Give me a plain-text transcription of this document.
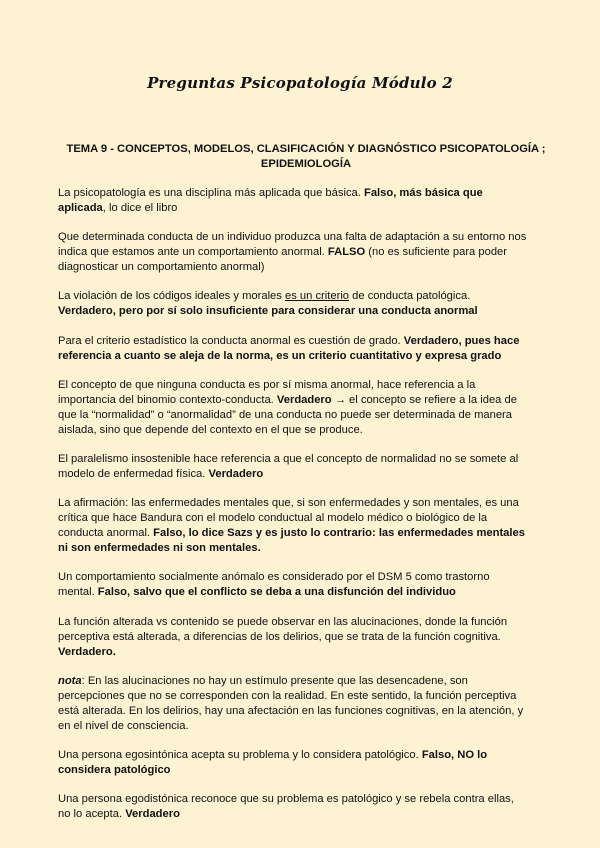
Preguntas Psicopatología Módulo 2
TEMA 9 - CONCEPTOS, MODELOS, CLASIFICACIÓN Y DIAGNÓSTICO PSICOPATOLOGÍA ; EPIDEMIOLOGÍA

La psicopatología es una disciplina más aplicada que básica. Falso, más básica que aplicada, lo dice el libro

Que determinada conducta de un individuo produzca una falta de adaptación a su entorno nos indica que estamos ante un comportamiento anormal. FALSO (no es suficiente para poder diagnosticar un comportamiento anormal)

La violación de los códigos ideales y morales es un criterio de conducta patológica. Verdadero, pero por sí solo insuficiente para considerar una conducta anormal

Para el criterio estadístico la conducta anormal es cuestión de grado. Verdadero, pues hace referencia a cuanto se aleja de la norma, es un criterio cuantitativo y expresa grado

El concepto de que ninguna conducta es por sí misma anormal, hace referencia a la importancia del binomio contexto-conducta. Verdadero → el concepto se refiere a la idea de que la “normalidad” o “anormalidad” de una conducta no puede ser determinada de manera aislada, sino que depende del contexto en el que se produce.

El paralelismo insostenible hace referencia a que el concepto de normalidad no se somete al modelo de enfermedad física. Verdadero

La afirmación: las enfermedades mentales que, si son enfermedades y son mentales, es una crítica que hace Bandura con el modelo conductual al modelo médico o biológico de la conducta anormal. Falso, lo dice Sazs y es justo lo contrario: las enfermedades mentales ni son enfermedades ni son mentales.

Un comportamiento socialmente anómalo es considerado por el DSM 5 como trastorno mental. Falso, salvo que el conflicto se deba a una disfunción del individuo

La función alterada vs contenido se puede observar en las alucinaciones, donde la función perceptiva está alterada, a diferencias de los delirios, que se trata de la función cognitiva. Verdadero.

nota: En las alucinaciones no hay un estímulo presente que las desencadene, son percepciones que no se corresponden con la realidad. En este sentido, la función perceptiva está alterada. En los delirios, hay una afectación en las funciones cognitivas, en la atención, y en el nivel de consciencia.

Una persona egosintónica acepta su problema y lo considera patológico. Falso, NO lo considera patológico

Una persona egodistónica reconoce que su problema es patológico y se rebela contra ellas, no lo acepta. Verdadero
